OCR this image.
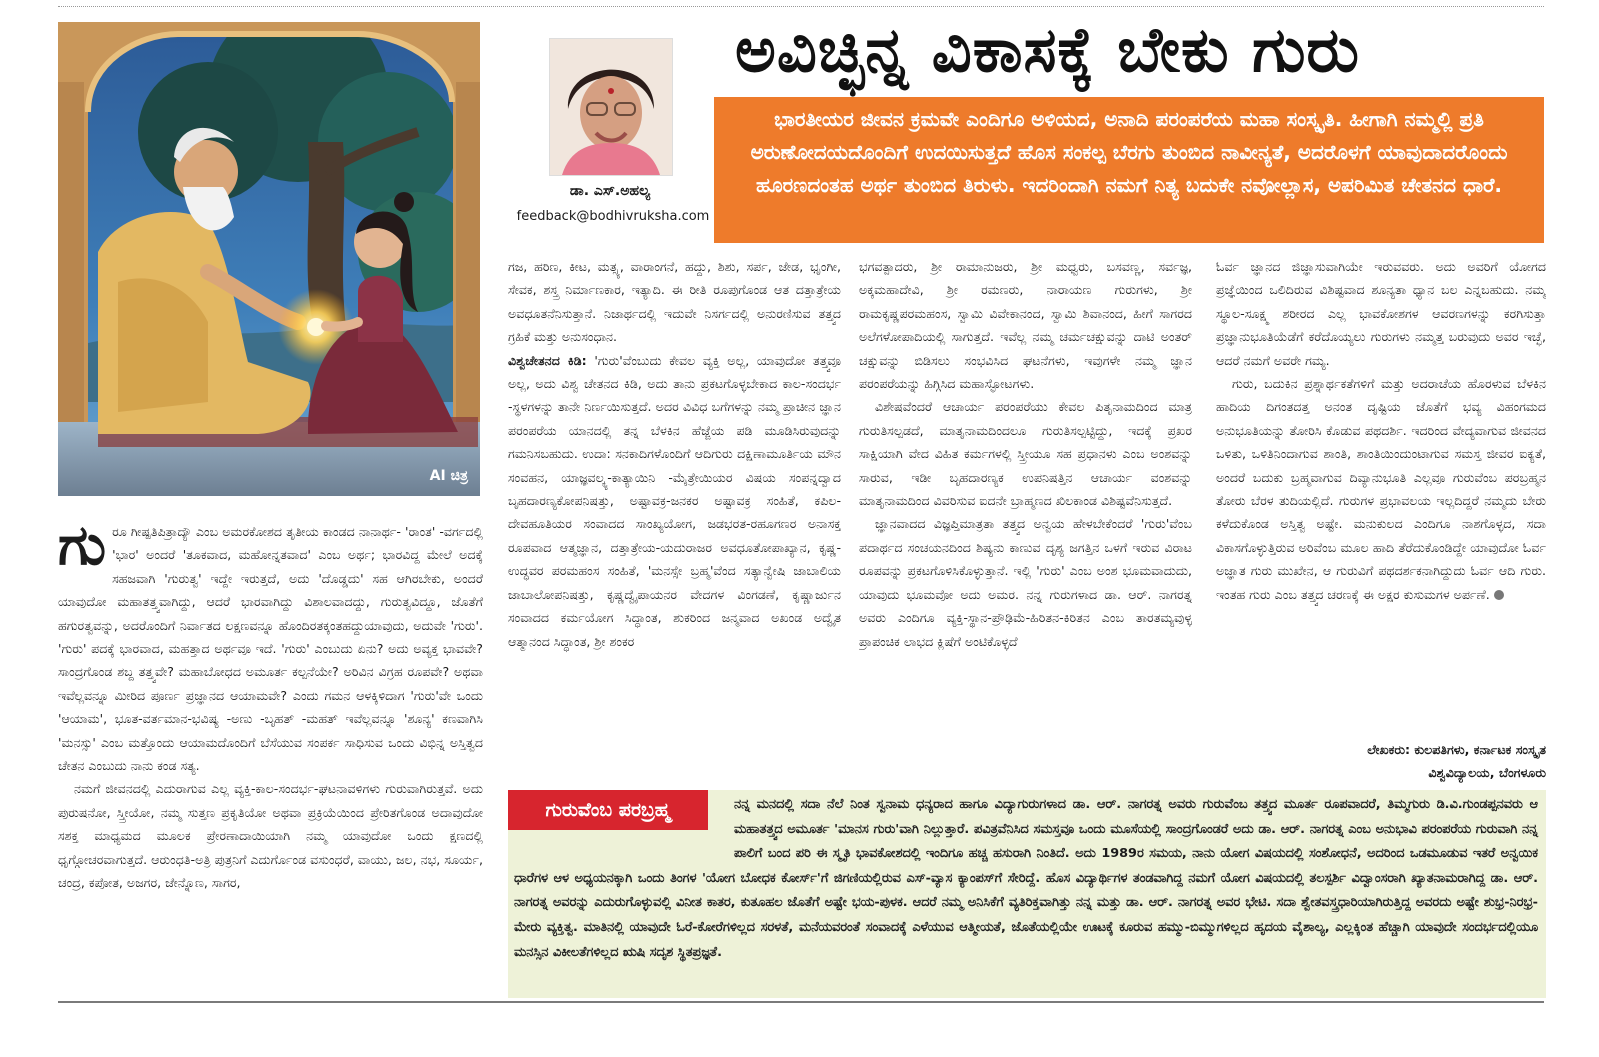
AI ಚಿತ್ರ
ಡಾ. ಎಸ್.ಅಹಲ್ಯ
feedback@bodhivruksha.com
ಅವಿಚ್ಛಿನ್ನ ವಿಕಾಸಕ್ಕೆ ಬೇಕು ಗುರು

ಭಾರತೀಯರ ಜೀವನ ಕ್ರಮವೇ ಎಂದಿಗೂ ಅಳಿಯದ, ಅನಾದಿ ಪರಂಪರೆಯ ಮಹಾ ಸಂಸ್ಕೃತಿ. ಹೀಗಾಗಿ ನಮ್ಮಲ್ಲಿ ಪ್ರತಿ ಅರುಣೋದಯದೊಂದಿಗೆ ಉದಯಿಸುತ್ತದೆ ಹೊಸ ಸಂಕಲ್ಪ ಬೆರಗು ತುಂಬಿದ ನಾವೀನ್ಯತೆ, ಅದರೊಳಗೆ ಯಾವುದಾದರೊಂದು ಹೂರಣದಂತಹ ಅರ್ಥ ತುಂಬಿದ ತಿರುಳು. ಇದರಿಂದಾಗಿ ನಮಗೆ ನಿತ್ಯ ಬದುಕೇ ನವೋಲ್ಲಾಸ, ಅಪರಿಮಿತ ಚೇತನದ ಧಾರೆ.

ಗುರೂ ಗೀಷ್ಪತಿಪಿತ್ರಾದ್ಯೌ ಎಂಬ ಅಮರಕೋಶದ ತೃತೀಯ ಕಾಂಡದ ನಾನಾರ್ಥ- 'ರಾಂತ' -ವರ್ಗದಲ್ಲಿ 'ಭಾರ' ಅಂದರೆ 'ತೂಕವಾದ, ಮಹೋನ್ನತವಾದ' ಎಂಬ ಅರ್ಥ; ಭಾರವಿದ್ದ ಮೇಲೆ ಅದಕ್ಕೆ ಸಹಜವಾಗಿ 'ಗುರುತ್ವ' ಇದ್ದೇ ಇರುತ್ತದೆ, ಅದು 'ದೊಡ್ಡದು' ಸಹ ಆಗಿರಬೇಕು, ಅಂದರೆ ಯಾವುದೋ ಮಹಾತತ್ತ್ವವಾಗಿದ್ದು, ಆದರೆ ಭಾರವಾಗಿದ್ದು ವಿಶಾಲವಾದದ್ದು, ಗುರುತ್ವವಿದ್ದೂ, ಜೊತೆಗೆ ಹಗುರತ್ವವನ್ನು, ಅದರೊಂದಿಗೆ ನಿರ್ವಾತದ ಲಕ್ಷಣವನ್ನೂ ಹೊಂದಿರತಕ್ಕಂತಹದ್ದುಯಾವುದು, ಅದುವೇ 'ಗುರು'. 'ಗುರು' ಪದಕ್ಕೆ ಭಾರವಾದ, ಮಹತ್ತಾದ ಅರ್ಥವೂ ಇದೆ. 'ಗುರು' ಎಂಬುದು ಏನು? ಅದು ಅವ್ಯಕ್ತ ಭಾವವೇ? ಸಾಂದ್ರಗೊಂಡ ಶಬ್ದ ತತ್ತ್ವವೇ? ಮಹಾಬೋಧದ ಅಮೂರ್ತ ಕಲ್ಪನೆಯೇ? ಅರಿವಿನ ವಿಗ್ರಹ ರೂಪವೇ? ಅಥವಾ ಇವೆಲ್ಲವನ್ನೂ ಮೀರಿದ ಪೂರ್ಣ ಪ್ರಜ್ಞಾನದ ಆಯಾಮವೇ? ಎಂದು ಗಮನ ಆಳಕ್ಕಿಳಿದಾಗ 'ಗುರು'ವೇ ಒಂದು 'ಆಯಾಮ', ಭೂತ-ವರ್ತಮಾನ-ಭವಿಷ್ಯ -ಅಣು -ಬೃಹತ್ -ಮಹತ್ ಇವೆಲ್ಲವನ್ನೂ 'ಶೂನ್ಯ' ಕಣವಾಗಿಸಿ 'ಮನಸ್ಸು' ಎಂಬ ಮತ್ತೊಂದು ಆಯಾಮದೊಂದಿಗೆ ಬೆಸೆಯುವ ಸಂಪರ್ಕ ಸಾಧಿಸುವ ಒಂದು ವಿಭಿನ್ನ ಅಸ್ತಿತ್ವದ ಚೇತನ ಎಂಬುದು ನಾನು ಕಂಡ ಸತ್ಯ.

ನಮಗೆ ಜೀವನದಲ್ಲಿ ಎದುರಾಗುವ ಎಲ್ಲ ವ್ಯಕ್ತಿ-ಕಾಲ-ಸಂದರ್ಭ-ಘಟನಾವಳಿಗಳು ಗುರುವಾಗಿರುತ್ತವೆ. ಅದು ಪುರುಷನೋ, ಸ್ತ್ರೀಯೋ, ನಮ್ಮ ಸುತ್ತಣ ಪ್ರಕೃತಿಯೋ ಅಥವಾ ಪ್ರಕ್ರಿಯೆಯಿಂದ ಪ್ರೇರಿತಗೊಂಡ ಅದಾವುದೋ ಸಶಕ್ತ ಮಾಧ್ಯಮದ ಮೂಲಕ ಪ್ರೇರಣಾದಾಯಿಯಾಗಿ ನಮ್ಮ ಯಾವುದೋ ಒಂದು ಕ್ಷಣದಲ್ಲಿ ಧೃಗ್ಗೋಚರವಾಗುತ್ತದೆ. ಆರುಂಧತಿ-ಅತ್ರಿ ಪುತ್ರನಿಗೆ ಎದುರ್ಗೊಂಡ ವಸುಂಧರೆ, ವಾಯು, ಜಲ, ನಭ, ಸೂರ್ಯ, ಚಂದ್ರ, ಕಪೋತ, ಅಜಗರ, ಜೇನ್ನೊಣ, ಸಾಗರ,

ಗಜ, ಹರಿಣ, ಕೀಟ, ಮತ್ಸ್ಯ, ವಾರಾಂಗನೆ, ಹದ್ದು, ಶಿಶು, ಸರ್ಪ, ಜೇಡ, ಭೃಂಗೀ, ಸೇವಕ, ಶಸ್ತ್ರ ನಿರ್ಮಾಣಕಾರ, ಇತ್ಯಾದಿ. ಈ ರೀತಿ ರೂಪುಗೊಂಡ ಆತ ದತ್ತಾತ್ರೇಯ ಅವಧೂತನೆನಿಸುತ್ತಾನೆ. ನಿಜಾರ್ಥದಲ್ಲಿ ಇದುವೇ ನಿಸರ್ಗದಲ್ಲಿ ಅನುರಣಿಸುವ ತತ್ತ್ವದ ಗ್ರಹಿಕೆ ಮತ್ತು ಅನುಸಂಧಾನ.

ವಿಶ್ವಚೇತನದ ಕಿಡಿ: 'ಗುರು'ವೆಂಬುದು ಕೇವಲ ವ್ಯಕ್ತಿ ಅಲ್ಲ, ಯಾವುದೋ ತತ್ತ್ವವೂ ಅಲ್ಲ, ಅದು ವಿಶ್ವ ಚೇತನದ ಕಿಡಿ, ಅದು ತಾನು ಪ್ರಕಟಗೊಳ್ಳಬೇಕಾದ ಕಾಲ-ಸಂದರ್ಭ -ಸ್ಥಳಗಳನ್ನು ತಾನೇ ನಿರ್ಣಯಿಸುತ್ತದೆ. ಅದರ ವಿವಿಧ ಬಗೆಗಳನ್ನು ನಮ್ಮ ಪ್ರಾಚೀನ ಜ್ಞಾನ ಪರಂಪರೆಯ ಯಾನದಲ್ಲಿ ತನ್ನ ಬೆಳಕಿನ ಹೆಜ್ಜೆಯ ಪಡಿ ಮೂಡಿಸಿರುವುದನ್ನು ಗಮನಿಸಬಹುದು. ಉದಾ: ಸನಕಾದಿಗಳೊಂದಿಗೆ ಆದಿಗುರು ದಕ್ಷಿಣಾಮೂರ್ತಿಯ ಮೌನ ಸಂವಹನ, ಯಾಜ್ಞವಲ್ಕ್ಯ-ಕಾತ್ಯಾಯಿನಿ -ಮೈತ್ರೇಯಿಯರ ವಿಷಯ ಸಂಪನ್ನದ್ವಾದ ಬೃಹದಾರಣ್ಯಕೋಪನಿಷತ್ತು, ಅಷ್ಟಾವಕ್ರ-ಜನಕರ ಅಷ್ಟಾವಕ್ರ ಸಂಹಿತೆ, ಕಪಿಲ-ದೇವಹೂತಿಯರ ಸಂವಾದದ ಸಾಂಖ್ಯಯೋಗ, ಜಡಭರತ-ರಹೂಗಣರ ಅನಾಸಕ್ತ ರೂಪವಾದ ಆತ್ಮಜ್ಞಾನ, ದತ್ತಾತ್ರೇಯ-ಯದುರಾಜರ ಅವಧೂತೋಪಾಖ್ಯಾನ, ಕೃಷ್ಣ-ಉದ್ಧವರ ಪರಮಹಂಸ ಸಂಹಿತೆ, 'ಮನಸ್ಸೇ ಬ್ರಹ್ಮ'ವೆಂದ ಸತ್ಯಾನ್ವೇಷಿ ಜಾಬಾಲಿಯ ಜಾಬಾಲೋಪನಿಷತ್ತು, ಕೃಷ್ಣದ್ವೈಪಾಯನರ ವೇದಗಳ ವಿಂಗಡಣೆ, ಕೃಷ್ಣಾರ್ಜುನ ಸಂವಾದದ ಕರ್ಮಯೋಗ ಸಿದ್ಧಾಂತ, ಶುಕರಿಂದ ಜನ್ಮವಾದ ಅಖಂಡ ಅದ್ವೈತ ಆತ್ಮಾನಂದ ಸಿದ್ಧಾಂತ, ಶ್ರೀ ಶಂಕರ

ಭಗವತ್ಪಾದರು, ಶ್ರೀ ರಾಮಾನುಜರು, ಶ್ರೀ ಮಧ್ವರು, ಬಸವಣ್ಣ, ಸರ್ವಜ್ಞ, ಅಕ್ಕಮಹಾದೇವಿ, ಶ್ರೀ ರಮಣರು, ನಾರಾಯಣ ಗುರುಗಳು, ಶ್ರೀ ರಾಮಕೃಷ್ಣಪರಮಹಂಸ, ಸ್ವಾಮಿ ವಿವೇಕಾನಂದ, ಸ್ವಾಮಿ ಶಿವಾನಂದ, ಹೀಗೆ ಸಾಗರದ ಅಲೆಗಳೋಪಾದಿಯಲ್ಲಿ ಸಾಗುತ್ತದೆ. ಇವೆಲ್ಲ ನಮ್ಮ ಚರ್ಮಚಕ್ಷುವನ್ನು ದಾಟಿ ಅಂತರ್ ಚಕ್ಷುವನ್ನು ಬಿಡಿಸಲು ಸಂಭವಿಸಿದ ಘಟನೆಗಳು, ಇವುಗಳೇ ನಮ್ಮ ಜ್ಞಾನ ಪರಂಪರೆಯನ್ನು ಹಿಗ್ಗಿಸಿದ ಮಹಾಸ್ಫೋಟಗಳು.

ವಿಶೇಷವೆಂದರೆ ಆಚಾರ್ಯ ಪರಂಪರೆಯು ಕೇವಲ ಪಿತೃನಾಮದಿಂದ ಮಾತ್ರ ಗುರುತಿಸಲ್ಪಡದೆ, ಮಾತೃನಾಮದಿಂದಲೂ ಗುರುತಿಸಲ್ಪಟ್ಟಿದ್ದು, ಇದಕ್ಕೆ ಪ್ರಖರ ಸಾಕ್ಷಿಯಾಗಿ ವೇದ ವಿಹಿತ ಕರ್ಮಗಳಲ್ಲಿ ಸ್ತ್ರೀಯೂ ಸಹ ಪ್ರಧಾನಳು ಎಂಬ ಅಂಶವನ್ನು ಸಾರುವ, ಇಡೀ ಬೃಹದಾರಣ್ಯಕ ಉಪನಿಷತ್ತಿನ ಆಚಾರ್ಯ ವಂಶವನ್ನು ಮಾತೃನಾಮದಿಂದ ವಿವರಿಸುವ ಐದನೇ ಬ್ರಾಹ್ಮಣದ ಖಿಲಕಾಂಡ ವಿಶಿಷ್ಟವೆನಿಸುತ್ತದೆ.

ಜ್ಞಾನವಾದದ ವಿಜ್ಞಪ್ತಿಮಾತ್ರತಾ ತತ್ತ್ವದ ಅನ್ವಯ ಹೇಳಬೇಕೆಂದರೆ 'ಗುರು'ವೆಂಬ ಪದಾರ್ಥದ ಸಂಚಯನದಿಂದ ಶಿಷ್ಯನು ಕಾಣುವ ದೃಶ್ಯ ಜಗತ್ತಿನ ಒಳಗೆ ಇರುವ ವಿರಾಟ ರೂಪವನ್ನು ಪ್ರಕಟಗೊಳಿಸಿಕೊಳ್ಳುತ್ತಾನೆ. ಇಲ್ಲಿ 'ಗುರು' ಎಂಬ ಅಂಶ ಭೂಮವಾದುದು, ಯಾವುದು ಭೂಮವೋ ಅದು ಅಮರ. ನನ್ನ ಗುರುಗಳಾದ ಡಾ. ಆರ್. ನಾಗರತ್ನ ಅವರು ಎಂದಿಗೂ ವ್ಯಕ್ತಿ-ಸ್ಥಾನ-ಪ್ರೌಢಿಮೆ-ಹಿರಿತನ-ಕಿರಿತನ ಎಂಬ ತಾರತಮ್ಯವುಳ್ಳ ಪ್ರಾಪಂಚಿಕ ಲಾಭದ ಕ್ಲಿಷೆಗೆ ಅಂಟಿಕೊಳ್ಳದೆ

ಓರ್ವ ಜ್ಞಾನದ ಜಿಜ್ಞಾಸುವಾಗಿಯೇ ಇರುವವರು. ಅದು ಅವರಿಗೆ ಯೋಗದ ಪ್ರಜ್ಞೆಯಿಂದ ಒಲಿದಿರುವ ವಿಶಿಷ್ಟವಾದ ಶೂನ್ಯತಾ ಧ್ಯಾನ ಬಲ ಎನ್ನಬಹುದು. ನಮ್ಮ ಸ್ಥೂಲ-ಸೂಕ್ಷ್ಮ ಶರೀರದ ಎಲ್ಲ ಭಾವಕೋಶಗಳ ಆವರಣಗಳನ್ನು ಕರಗಿಸುತ್ತಾ ಪ್ರಜ್ಞಾನುಭೂತಿಯೆಡೆಗೆ ಕರೆದೊಯ್ಯಲು ಗುರುಗಳು ನಮ್ಮತ್ತ ಬರುವುದು ಅವರ ಇಚ್ಛೆ, ಆದರೆ ನಮಗೆ ಅವರೇ ಗಮ್ಯ.

ಗುರು, ಬದುಕಿನ ಪ್ರಶ್ನಾರ್ಥಕತೆಗಳಿಗೆ ಮತ್ತು ಅದರಾಚೆಯ ಹೊರಳುವ ಬೆಳಕಿನ ಹಾದಿಯ ದಿಗಂತದತ್ತ ಅನಂತ ದೃಷ್ಟಿಯ ಜೊತೆಗೆ ಭವ್ಯ ವಿಹಂಗಮದ ಅನುಭೂತಿಯನ್ನು ತೋರಿಸಿ ಕೊಡುವ ಪಥದರ್ಶಿ. ಇದರಿಂದ ವೇದ್ಯವಾಗುವ ಜೀವನದ ಒಳಿತು, ಒಳಿತಿನಿಂದಾಗುವ ಶಾಂತಿ, ಶಾಂತಿಯಿಂದುಂಟಾಗುವ ಸಮಸ್ತ ಜೀವರ ಐಕ್ಯತೆ, ಅಂದರೆ ಬದುಕು ಬ್ರಹ್ಮವಾಗುವ ದಿವ್ಯಾನುಭೂತಿ ಎಲ್ಲವೂ ಗುರುವೆಂಬ ಪರಬ್ರಹ್ಮನ ತೋರು ಬೆರಳ ತುದಿಯಲ್ಲಿದೆ. ಗುರುಗಳ ಪ್ರಭಾವಲಯ ಇಲ್ಲದಿದ್ದರೆ ನಮ್ಮದು ಬೇರು ಕಳೆದುಕೊಂಡ ಅಸ್ತಿತ್ವ ಅಷ್ಟೇ. ಮನುಕುಲದ ಎಂದಿಗೂ ನಾಶಗೊಳ್ಳದ, ಸದಾ ವಿಕಾಸಗೊಳ್ಳುತ್ತಿರುವ ಅರಿವೆಂಬ ಮೂಲ ಹಾದಿ ತೆರೆದುಕೊಂಡಿದ್ದೇ ಯಾವುದೋ ಓರ್ವ ಅಜ್ಞಾತ ಗುರು ಮುಖೇನ, ಆ ಗುರುವಿಗೆ ಪಥದರ್ಶಕನಾಗಿದ್ದುದು ಓರ್ವ ಆದಿ ಗುರು. ಇಂತಹ ಗುರು ಎಂಬ ತತ್ತ್ವದ ಚರಣಕ್ಕೆ ಈ ಅಕ್ಷರ ಕುಸುಮಗಳ ಅರ್ಪಣೆ.

ಲೇಖಕರು: ಕುಲಪತಿಗಳು, ಕರ್ನಾಟಕ ಸಂಸ್ಕೃತ
ವಿಶ್ವವಿದ್ಯಾಲಯ, ಬೆಂಗಳೂರು

ನನ್ನ ಮನದಲ್ಲಿ ಸದಾ ನೆಲೆ ನಿಂತ ಸ್ವನಾಮ ಧನ್ಯರಾದ ಹಾಗೂ ವಿದ್ಯಾಗುರುಗಳಾದ ಡಾ. ಆರ್. ನಾಗರತ್ನ ಅವರು ಗುರುವೆಂಬ ತತ್ತ್ವದ ಮೂರ್ತ ರೂಪವಾದರೆ, ತಿಮ್ಮಗುರು ಡಿ.ವಿ.ಗುಂಡಪ್ಪನವರು ಆ ಮಹಾತತ್ತ್ವದ ಅಮೂರ್ತ 'ಮಾನಸ ಗುರು'ವಾಗಿ ನಿಲ್ಲುತ್ತಾರೆ. ಪವಿತ್ರವೆನಿಸಿದ ಸಮಸ್ತವೂ ಒಂದು ಮೂಸೆಯಲ್ಲಿ ಸಾಂದ್ರಗೊಂಡರೆ ಅದು ಡಾ. ಆರ್. ನಾಗರತ್ನ ಎಂಬ ಅನುಭಾವಿ ಪರಂಪರೆಯ ಗುರುವಾಗಿ ನನ್ನ ಪಾಲಿಗೆ ಬಂದ ಪರಿ ಈ ಸ್ಮೃತಿ ಭಾವಕೋಶದಲ್ಲಿ ಇಂದಿಗೂ ಹಚ್ಚ ಹಸುರಾಗಿ ನಿಂತಿದೆ. ಅದು 1989ರ ಸಮಯ, ನಾನು ಯೋಗ ವಿಷಯದಲ್ಲಿ ಸಂಶೋಧನೆ, ಅದರಿಂದ ಒಡಮೂಡುವ ಇತರೆ ಅನ್ವಯಿಕ ಧಾರೆಗಳ ಆಳ ಅಧ್ಯಯನಕ್ಕಾಗಿ ಒಂದು ತಿಂಗಳ 'ಯೋಗ ಬೋಧಕ ಕೋರ್ಸ್'ಗೆ ಜಿಗಣಿಯಲ್ಲಿರುವ ಎಸ್-ವ್ಯಾಸ ಕ್ಯಾಂಪಸ್‌ಗೆ ಸೇರಿದ್ದೆ. ಹೊಸ ವಿದ್ಯಾರ್ಥಿಗಳ ತಂಡವಾಗಿದ್ದ ನಮಗೆ ಯೋಗ ವಿಷಯದಲ್ಲಿ ತಲಸ್ಪರ್ಶಿ ವಿದ್ವಾಂಸರಾಗಿ ಖ್ಯಾತನಾಮರಾಗಿದ್ದ ಡಾ. ಆರ್. ನಾಗರತ್ನ ಅವರನ್ನು ಎದುರುಗೊಳ್ಳುವಲ್ಲಿ ವಿನೀತ ಕಾತರ, ಕುತೂಹಲ ಜೊತೆಗೆ ಅಷ್ಟೇ ಭಯ-ಪುಳಕ. ಆದರೆ ನಮ್ಮ ಅನಿಸಿಕೆಗೆ ವ್ಯತಿರಿಕ್ತವಾಗಿತ್ತು ನನ್ನ ಮತ್ತು ಡಾ. ಆರ್. ನಾಗರತ್ನ ಅವರ ಭೇಟಿ. ಸದಾ ಶ್ವೇತವಸ್ತ್ರಧಾರಿಯಾಗಿರುತ್ತಿದ್ದ ಅವರದು ಅಷ್ಟೇ ಶುಭ್ರ-ನಿರಭ್ರ-ಮೇರು ವ್ಯಕ್ತಿತ್ವ. ಮಾತಿನಲ್ಲಿ ಯಾವುದೇ ಓರೆ-ಕೋರೆಗಳಿಲ್ಲದ ಸರಳತೆ, ಮನೆಯವರಂತೆ ಸಂವಾದಕ್ಕೆ ಎಳೆಯುವ ಆತ್ಮೀಯತೆ, ಜೊತೆಯಲ್ಲಿಯೇ ಊಟಕ್ಕೆ ಕೂರುವ ಹಮ್ಮು-ಬಿಮ್ಮುಗಳಿಲ್ಲದ ಹೃದಯ ವೈಶಾಲ್ಯ, ಎಲ್ಲಕ್ಕಿಂತ ಹೆಚ್ಚಾಗಿ ಯಾವುದೇ ಸಂದರ್ಭದಲ್ಲಿಯೂ ಮನಸ್ಸಿನ ವಿಕೀಲತೆಗಳಿಲ್ಲದ ಋಷಿ ಸದೃಶ ಸ್ಥಿತಪ್ರಜ್ಞತೆ.

ಗುರುವೆಂಬ ಪರಬ್ರಹ್ಮ
